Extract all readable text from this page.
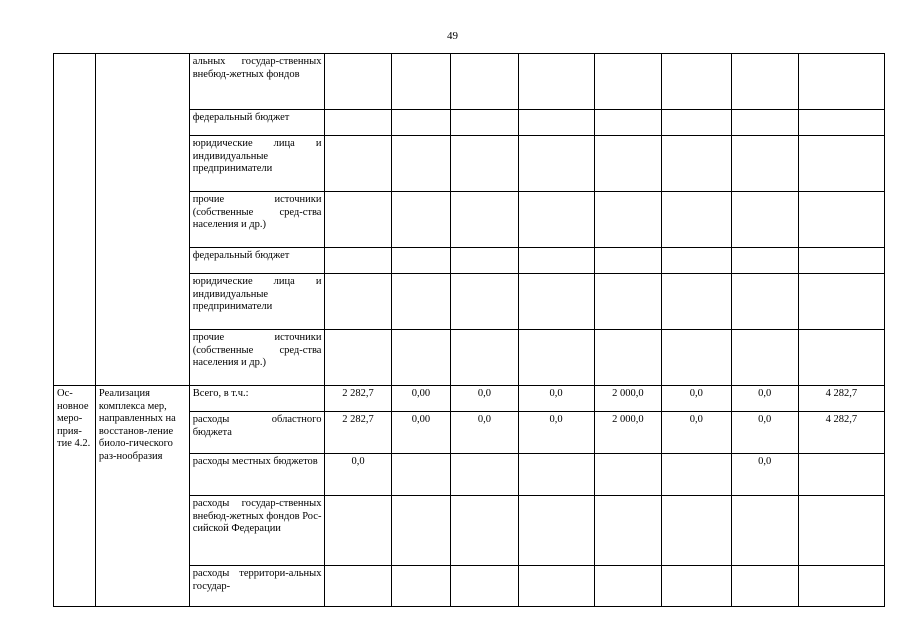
49
		альных государ-ственных внебюд-жетных фондов								
		федеральный бюджет								
		юридические лица и индивидуальные предприниматели								
		прочие источники (собственные сред-ства населения и др.)								
		федеральный бюджет								
		юридические лица и индивидуальные предприниматели								
		прочие источники (собственные сред-ства населения и др.)								
Ос-новное меро-прия-тие 4.2.	Реализация комплекса мер, направленных на восстанов-ление биоло-гического раз-нообразия	Всего, в т.ч.:	2 282,7	0,00	0,0	0,0	2 000,0	0,0	0,0	4 282,7
		расходы областного бюджета	2 282,7	0,00	0,0	0,0	2 000,0	0,0	0,0	4 282,7
		расходы местных бюджетов	0,0						0,0	
		расходы государ-ственных внебюд-жетных фондов Рос-сийской Федерации								
		расходы территори-альных государ-								
